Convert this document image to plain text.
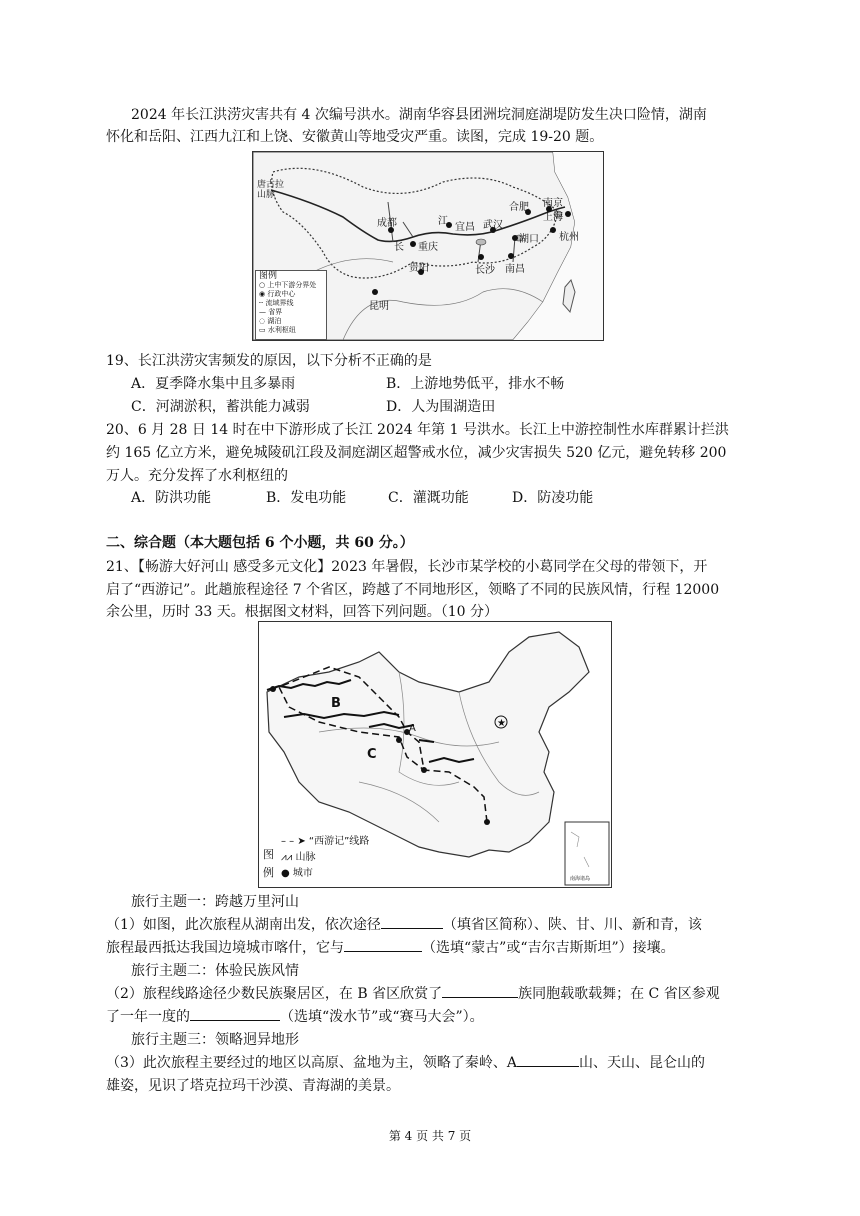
2024 年长江洪涝灾害共有 4 次编号洪水。湖南华容县团洲垸洞庭湖堤防发生决口险情，湖南
怀化和岳阳、江西九江和上饶、安徽黄山等地受灾严重。读图，完成 19-20 题。
成都
重庆
宜昌 武汉
合肥 南京
上海
杭州
湖口
长沙 南昌
贵阳
昆明
唐古拉山脉
长
江
图例
○ 上中下游分界处
◉ 行政中心
┄ 流域界线
— 省界
◌ 湖泊
▭ 水利枢纽
19、长江洪涝灾害频发的原因，以下分析不正确的是
A．夏季降水集中且多暴雨	B．上游地势低平，排水不畅
C．河湖淤积，蓄洪能力减弱	D．人为围湖造田
20、6 月 28 日 14 时在中下游形成了长江 2024 年第 1 号洪水。长江上中游控制性水库群累计拦洪
约 165 亿立方米，避免城陵矶江段及洞庭湖区超警戒水位，减少灾害损失 520 亿元，避免转移 200
万人。充分发挥了水利枢纽的
A．防洪功能	B．发电功能	C．灌溉功能	D．防凌功能
二、综合题（本大题包括 6 个小题，共 60 分。）
21、【畅游大好河山 感受多元文化】2023 年暑假，长沙市某学校的小葛同学在父母的带领下，开
启了“西游记”。此趟旅程途径 7 个省区，跨越了不同地形区，领略了不同的民族风情，行程 12000
余公里，历时 33 天。根据图文材料，回答下列问题。（10 分）
★
B
C
A
南海诸岛
图
例
– – ➤ “西游记”线路
⩘⩘ 山脉
● 城市
旅行主题一：跨越万里河山
（1）如图，此次旅程从湖南出发，依次途径	（填省区简称）、陕、甘、川、新和青，该
旅程最西抵达我国边境城市喀什，它与	（选填“蒙古”或“吉尔吉斯斯坦”）接壤。
旅行主题二：体验民族风情
（2）旅程线路途径少数民族聚居区，在 B 省区欣赏了	族同胞载歌载舞；在 C 省区参观
了一年一度的	（选填“泼水节”或“赛马大会”）。
旅行主题三：领略迥异地形
（3）此次旅程主要经过的地区以高原、盆地为主，领略了秦岭、A	山、天山、昆仑山的
雄姿，见识了塔克拉玛干沙漠、青海湖的美景。
第 4 页 共 7 页
